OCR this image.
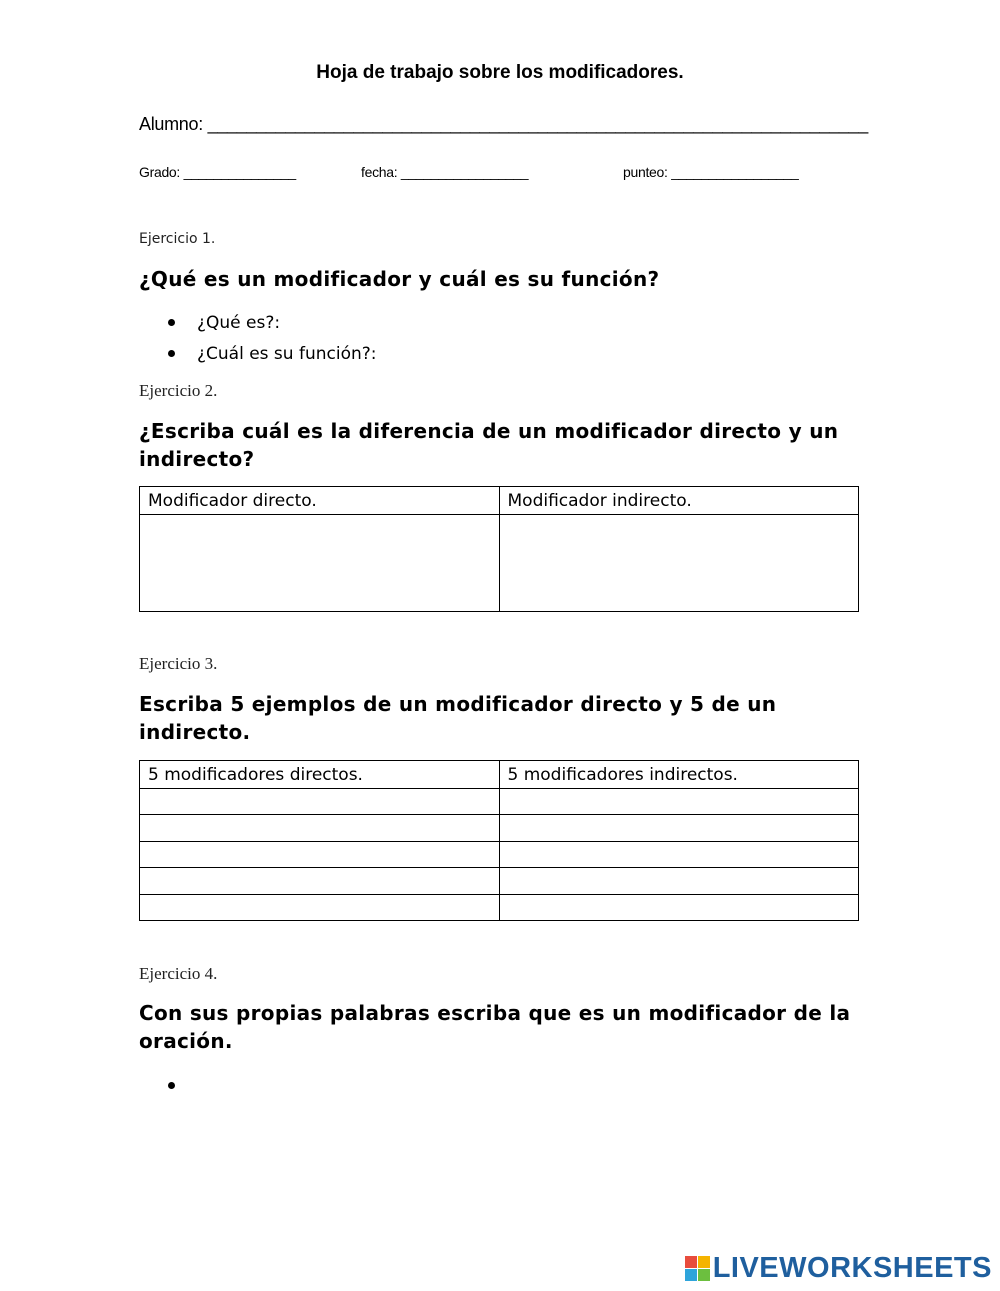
Hoja de trabajo sobre los modificadores.
Alumno: ____________________________________________________________________
Grado: _______________	fecha: _________________	punteo: _________________
Ejercicio 1.
¿Qué es un modificador y cuál es su función?
¿Qué es?:
¿Cuál es su función?:
Ejercicio 2.
¿Escriba cuál es la diferencia de un modificador directo y un indirecto?
Modificador directo.	Modificador indirecto.

Ejercicio 3.
Escriba 5 ejemplos de un modificador directo y 5 de un indirecto.
5 modificadores directos.	5 modificadores indirectos.

Ejercicio 4.
Con sus propias palabras escriba que es un modificador de la oración.
LIVEWORKSHEETS
